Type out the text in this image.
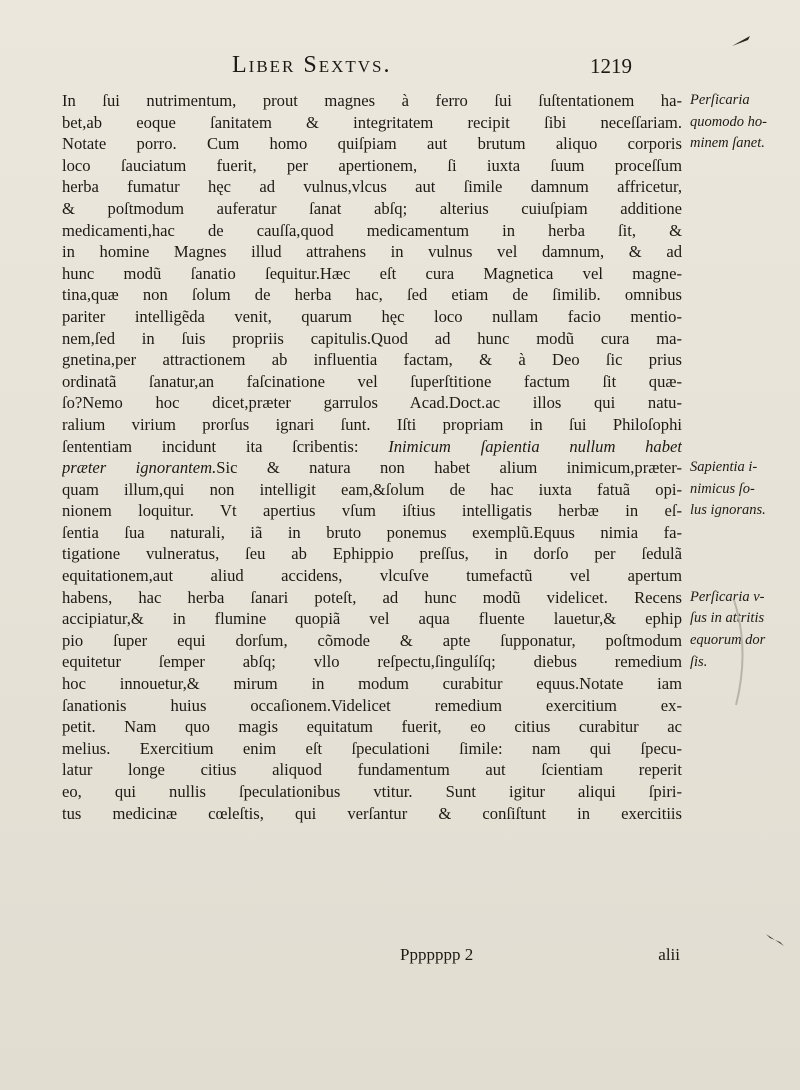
Liber Sextvs.	1219
In ſui nutrimentum, prout magnes à ferro ſui ſuſtentationem ha-
bet,ab eoque ſanitatem & integritatem recipit ſibi neceſſariam.
Notate porro. Cum homo quiſpiam aut brutum aliquo corporis
loco ſauciatum fuerit, per apertionem, ſi iuxta ſuum proceſſum
herba fumatur hęc ad vulnus,vlcus aut ſimile damnum affricetur,
& poſtmodum auferatur ſanat abſq; alterius cuiuſpiam additione
medicamenti,hac de cauſſa,quod medicamentum in herba ſit, &
in homine Magnes illud attrahens in vulnus vel damnum, & ad
hunc modũ ſanatio ſequitur.Hæc eſt cura Magnetica vel magne-
tina,quæ non ſolum de herba hac, ſed etiam de ſimilib. omnibus
pariter intelligẽda venit, quarum hęc loco nullam facio mentio-
nem,ſed in ſuis propriis capitulis.Quod ad hunc modũ cura ma-
gnetina,per attractionem ab influentia factam, & à Deo ſic prius
ordinatã ſanatur,an faſcinatione vel ſuperſtitione factum ſit quæ-
ſo?Nemo hoc dicet,præter garrulos Acad.Doct.ac illos qui natu-
ralium virium prorſus ignari ſunt. Iſti propriam in ſui Philoſophi
ſententiam incidunt ita ſcribentis: Inimicum ſapientia nullum habet
præter ignorantem.Sic & natura non habet alium inimicum,præter-
quam illum,qui non intelligit eam,&ſolum de hac iuxta fatuã opi-
nionem loquitur. Vt apertius vſum iſtius intelligatis herbæ in eſ-
ſentia ſua naturali, iã in bruto ponemus exemplũ.Equus nimia fa-
tigatione vulneratus, ſeu ab Ephippio preſſus, in dorſo per ſedulã
equitationem,aut aliud accidens, vlcuſve tumefactũ vel apertum
habens, hac herba ſanari poteſt, ad hunc modũ videlicet. Recens
accipiatur,& in flumine quopiã vel aqua fluente lauetur,& ephip
pio ſuper equi dorſum, cõmode & apte ſupponatur, poſtmodum
equitetur ſemper abſq; vllo reſpectu,ſingulíſq; diebus remedium
hoc innouetur,& mirum in modum curabitur equus.Notate iam
ſanationis huius occaſionem.Videlicet remedium exercitium ex-
petit. Nam quo magis equitatum fuerit, eo citius curabitur ac
melius. Exercitium enim eſt ſpeculationi ſimile: nam qui ſpecu-
latur longe citius aliquod fundamentum aut ſcientiam reperit
eo, qui nullis ſpeculationibus vtitur. Sunt igitur aliqui ſpiri-
tus medicinæ cœleſtis, qui verſantur & conſiſtunt in exercitiis
Perſicaria
quomodo ho-
minem ſanet.
Sapientia i-
nimicus ſo-
lus ignorans.
Perſicaria v-
ſus in attritis
equorum dor
ſis.
Ppppppp 2	alii
